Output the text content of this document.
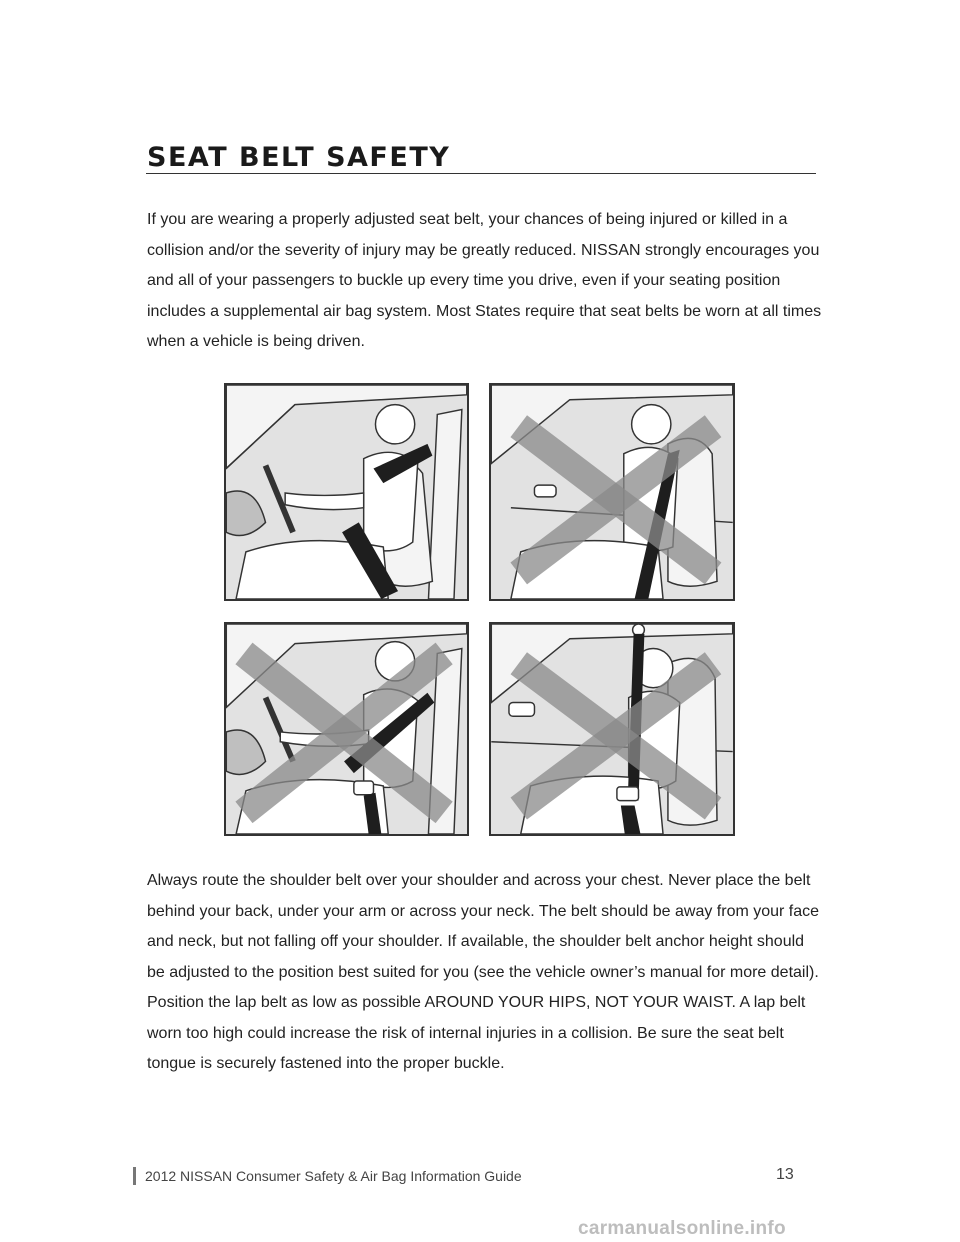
SEAT BELT SAFETY

If you are wearing a properly adjusted seat belt, your chances of being injured or killed in a collision and/or the severity of injury may be greatly reduced. NISSAN strongly encourages you and all of your passengers to buckle up every time you drive, even if your seating position includes a supplemental air bag system. Most States require that seat belts be worn at all times when a vehicle is being driven.

Always route the shoulder belt over your shoulder and across your chest. Never place the belt behind your back, under your arm or across your neck. The belt should be away from your face and neck, but not falling off your shoulder. If available, the shoulder belt anchor height should be adjusted to the position best suited for you (see the vehicle owner’s manual for more detail). Position the lap belt as low as possible AROUND YOUR HIPS, NOT YOUR WAIST. A lap belt worn too high could increase the risk of internal injuries in a collision. Be sure the seat belt tongue is securely fastened into the proper buckle.

2012 NISSAN Consumer Safety & Air Bag Information Guide	13
carmanualsonline.info
